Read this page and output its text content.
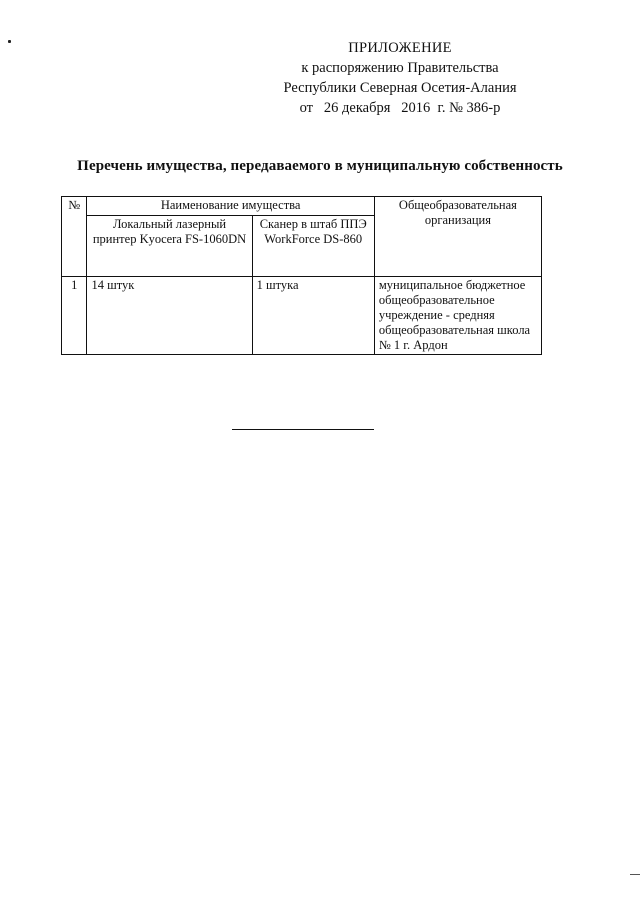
ПРИЛОЖЕНИЕ
к распоряжению Правительства
Республики Северная Осетия-Алания
от   26 декабря   2016  г. № 386-р
Перечень имущества, передаваемого в муниципальную собственность
№	Наименование имущества		Общеобразовательная организация
	Локальный лазерный принтер Kyocera FS-1060DN	Сканер в штаб ППЭ WorkForce DS-860	
1	14 штук	1 штука	муниципальное бюджетное общеобразовательное учреждение - средняя общеобразовательная школа № 1 г. Ардон
